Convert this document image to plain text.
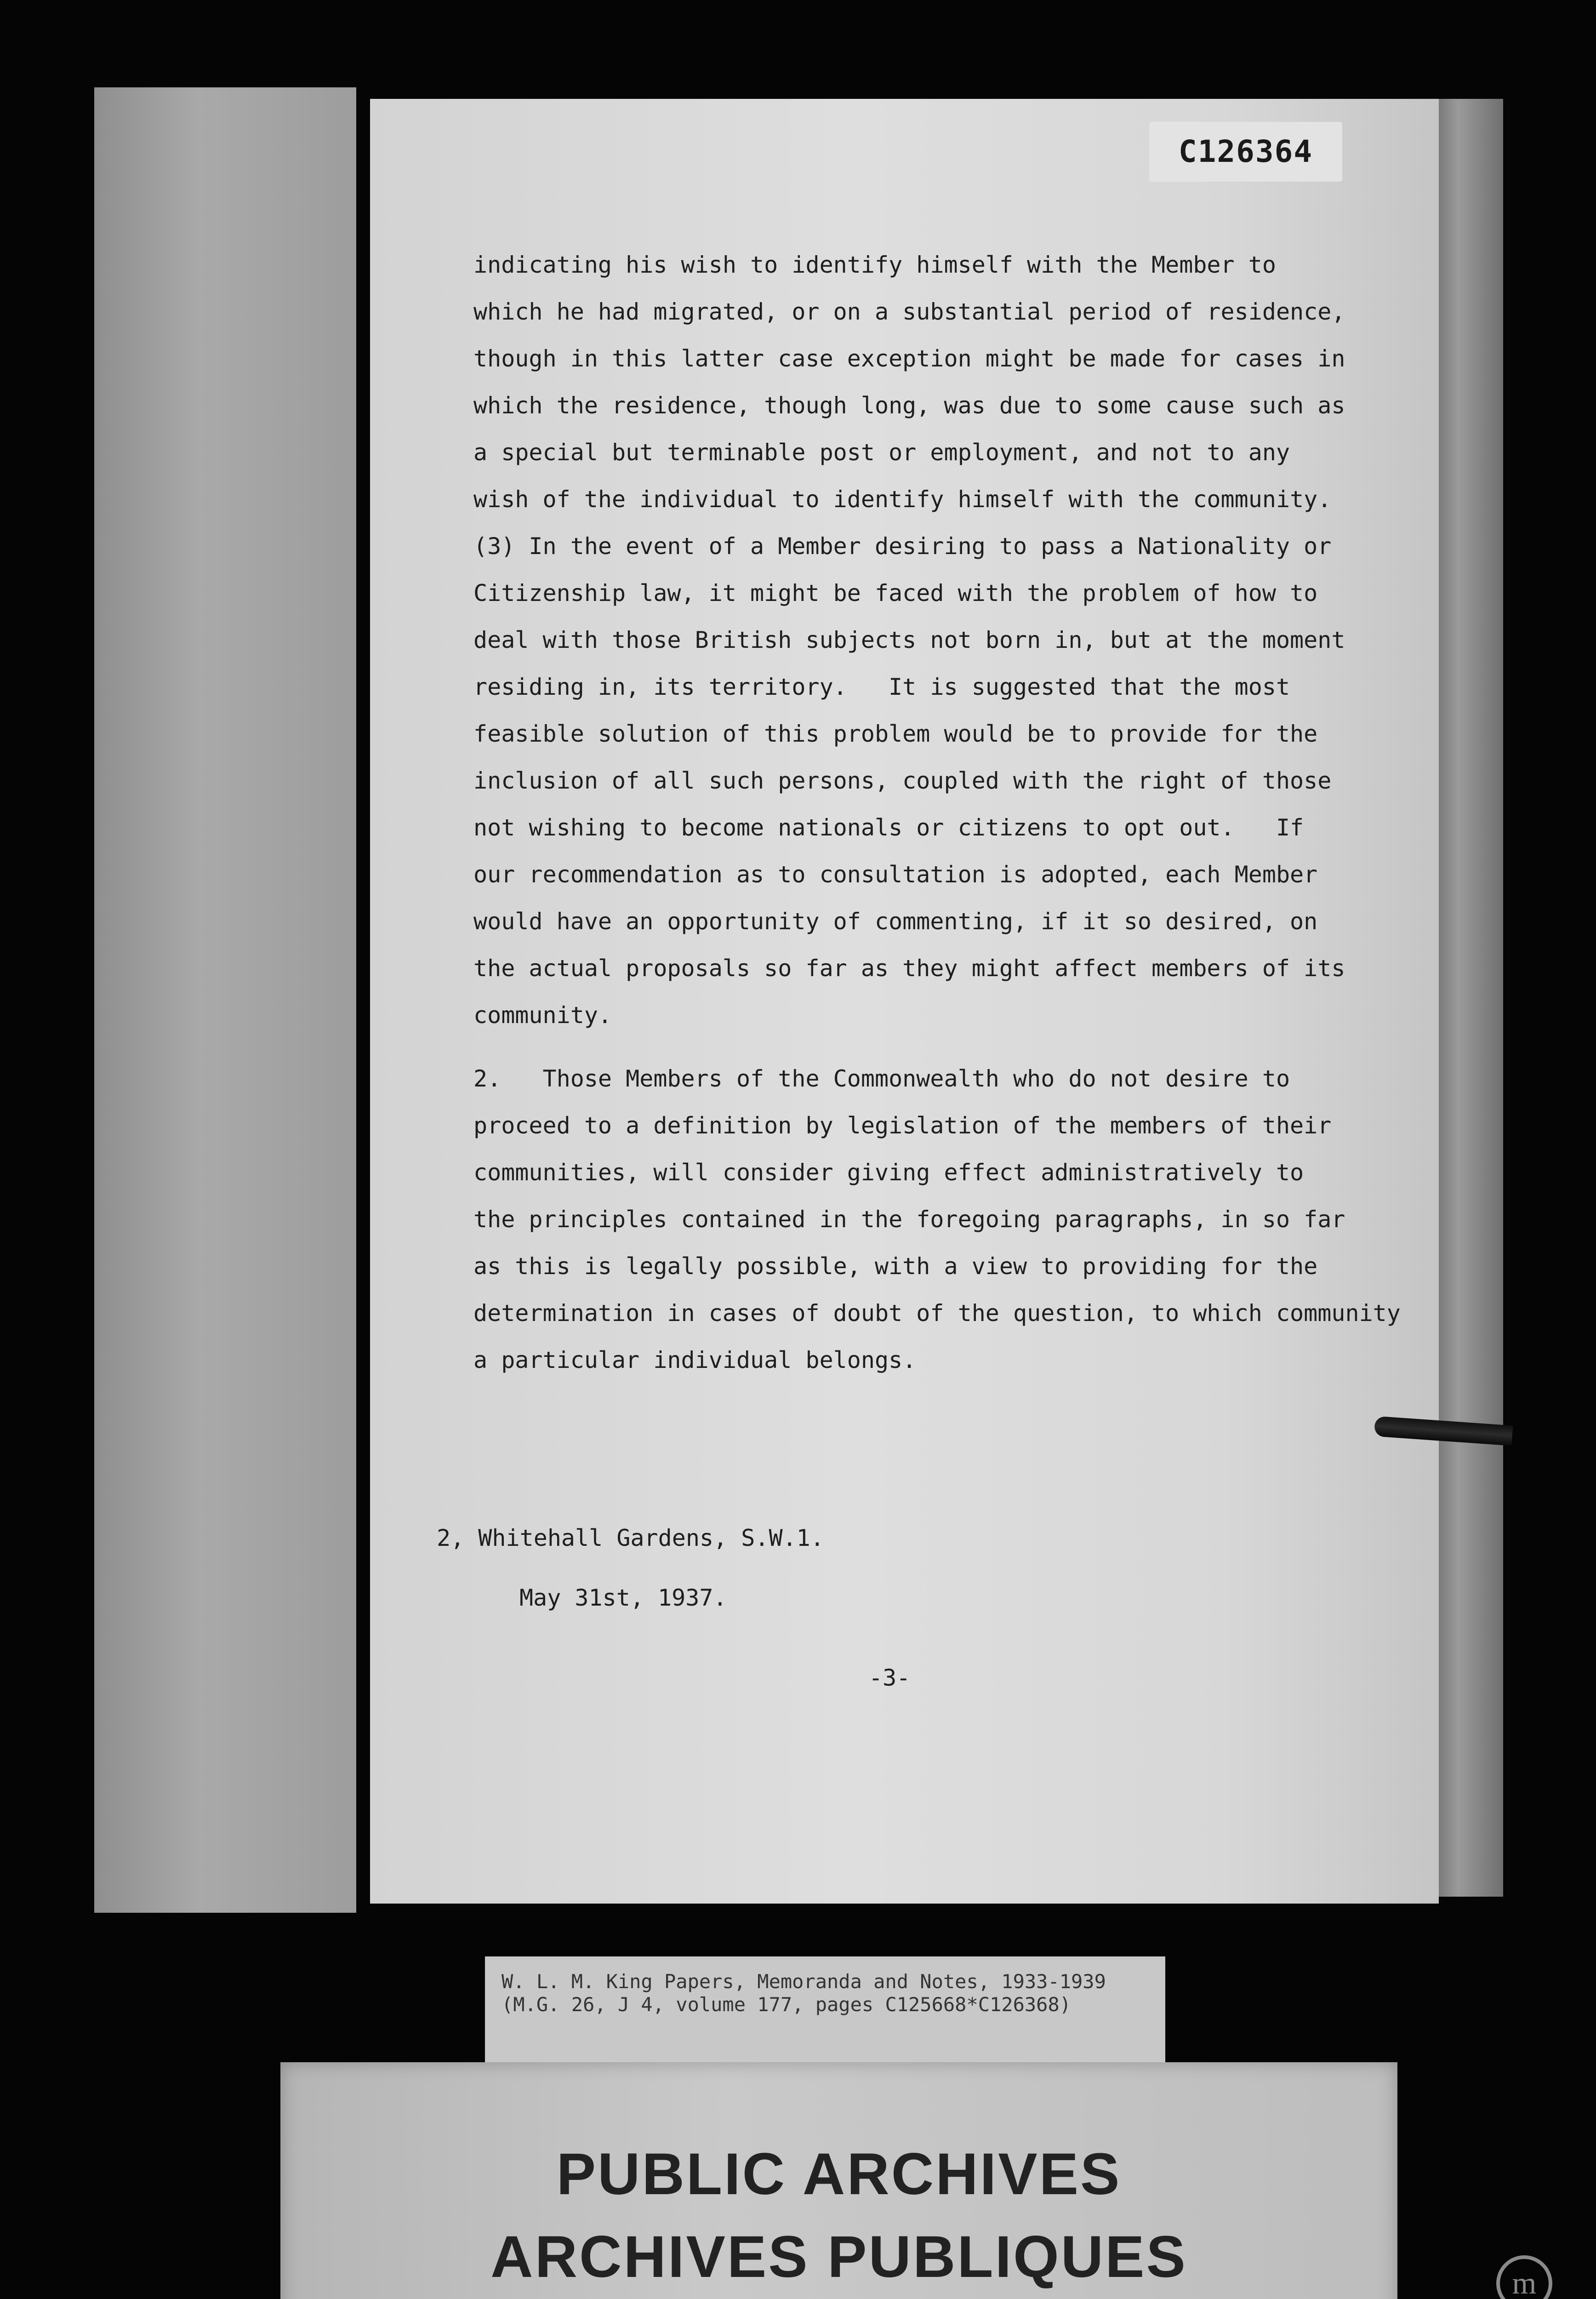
C126364
indicating his wish to identify himself with the Member to
which he had migrated, or on a substantial period of residence,
though in this latter case exception might be made for cases in
which the residence, though long, was due to some cause such as
a special but terminable post or employment, and not to any
wish of the individual to identify himself with the community.
(3) In the event of a Member desiring to pass a Nationality or
Citizenship law, it might be faced with the problem of how to
deal with those British subjects not born in, but at the moment
residing in, its territory.   It is suggested that the most
feasible solution of this problem would be to provide for the
inclusion of all such persons, coupled with the right of those
not wishing to become nationals or citizens to opt out.   If
our recommendation as to consultation is adopted, each Member
would have an opportunity of commenting, if it so desired, on
the actual proposals so far as they might affect members of its
community.
2.   Those Members of the Commonwealth who do not desire to
proceed to a definition by legislation of the members of their
communities, will consider giving effect administratively to
the principles contained in the foregoing paragraphs, in so far
as this is legally possible, with a view to providing for the
determination in cases of doubt of the question, to which community
a particular individual belongs.
2, Whitehall Gardens, S.W.1.
May 31st, 1937.
-3-
W. L. M. King Papers, Memoranda and Notes, 1933-1939
(M.G. 26, J 4, volume 177, pages C125668*C126368)
PUBLIC ARCHIVES
ARCHIVES PUBLIQUES	m
